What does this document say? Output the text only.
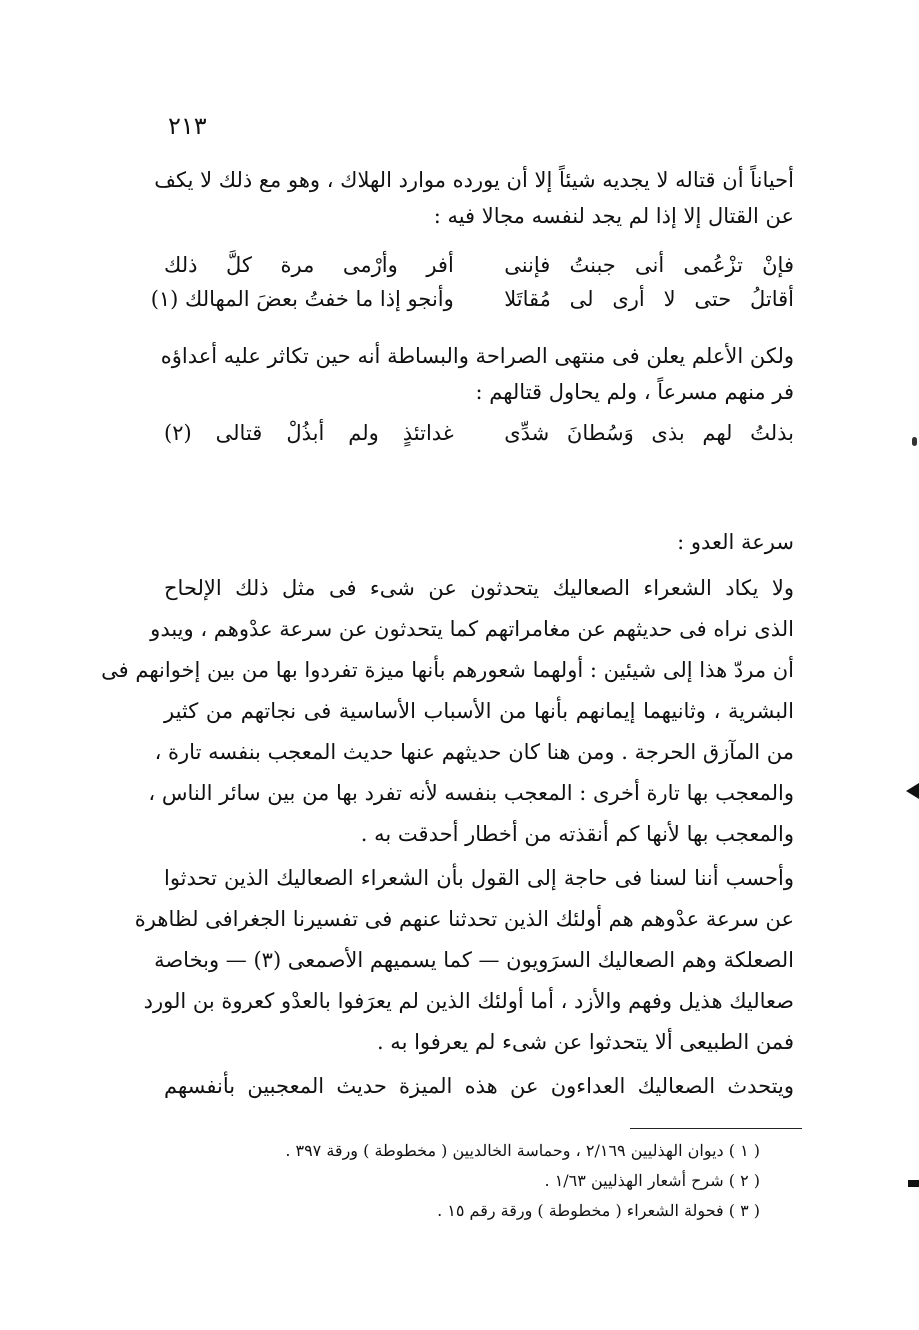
٢١٣
أحياناً أن قتاله لا يجديه شيئاً إلا أن يورده موارد الهلاك ، وهو مع ذلك لا يكف
عن القتال إلا إذا لم يجد لنفسه مجالا فيه :
فإنْ تزْعُمى أنى جبنتُ فإننى
أفر وأرْمى مرة كلَّ ذلك
أقاتلُ حتى لا أرى لى مُقاتَلا
وأنجو إذا ما خفتُ بعضَ المهالك (١)
ولكن الأعلم يعلن فى منتهى الصراحة والبساطة أنه حين تكاثر عليه أعداؤه
فر منهم مسرعاً ، ولم يحاول قتالهم :
بذلتُ لهم بذى وَسُطانَ شدِّى
غداتئذٍ ولم أبذُلْ قتالى (٢)
سرعة العدو :
ولا يكاد الشعراء الصعاليك يتحدثون عن شىء فى مثل ذلك الإلحاح
الذى نراه فى حديثهم عن مغامراتهم كما يتحدثون عن سرعة عدْوهم ، ويبدو
أن مردّ هذا إلى شيئين : أولهما شعورهم بأنها ميزة تفردوا بها من بين إخوانهم فى
البشرية ، وثانيهما إيمانهم بأنها من الأسباب الأساسية فى نجاتهم من كثير
من المآزق الحرجة . ومن هنا كان حديثهم عنها حديث المعجب بنفسه تارة ،
والمعجب بها تارة أخرى : المعجب بنفسه لأنه تفرد بها من بين سائر الناس ،
والمعجب بها لأنها كم أنقذته من أخطار أحدقت به .
وأحسب أننا لسنا فى حاجة إلى القول بأن الشعراء الصعاليك الذين تحدثوا
عن سرعة عدْوهم هم أولئك الذين تحدثنا عنهم فى تفسيرنا الجغرافى لظاهرة
الصعلكة وهم الصعاليك السرَويون — كما يسميهم الأصمعى (٣) — وبخاصة
صعاليك هذيل وفهم والأزد ، أما أولئك الذين لم يعرَفوا بالعدْو كعروة بن الورد
فمن الطبيعى ألا يتحدثوا عن شىء لم يعرفوا به .
ويتحدث الصعاليك العداءون عن هذه الميزة حديث المعجبين بأنفسهم
( ١ ) ديوان الهذليين ٢/١٦٩ ، وحماسة الخالديين ( مخطوطة ) ورقة ٣٩٧ .
( ٢ ) شرح أشعار الهذليين ١/٦٣ .
( ٣ ) فحولة الشعراء ( مخطوطة ) ورقة رقم ١٥ .
